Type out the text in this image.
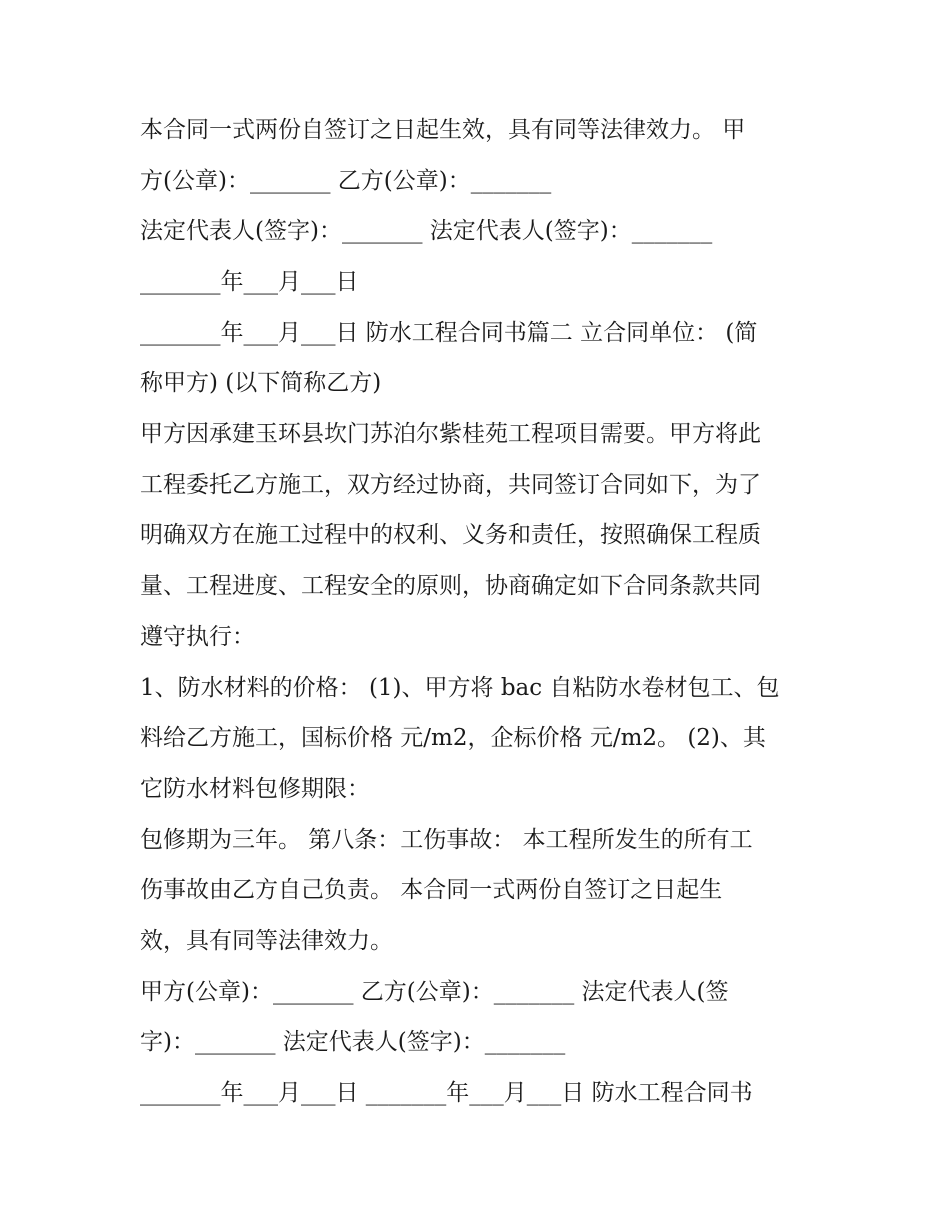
本合同一式两份自签订之日起生效，具有同等法律效力。 甲
方(公章)：_______ 乙方(公章)：_______
法定代表人(签字)：_______ 法定代表人(签字)：_______
_______年___月___日
_______年___月___日 防水工程合同书篇二 立合同单位： (简
称甲方) (以下简称乙方)
甲方因承建玉环县坎门苏泊尔紫桂苑工程项目需要。甲方将此
工程委托乙方施工，双方经过协商，共同签订合同如下，为了
明确双方在施工过程中的权利、义务和责任，按照确保工程质
量、工程进度、工程安全的原则，协商确定如下合同条款共同
遵守执行：
1、防水材料的价格： (1)、甲方将 bac 自粘防水卷材包工、包
料给乙方施工，国标价格 元/m2，企标价格 元/m2。 (2)、其
它防水材料包修期限：
包修期为三年。 第八条：工伤事故： 本工程所发生的所有工
伤事故由乙方自己负责。 本合同一式两份自签订之日起生
效，具有同等法律效力。
甲方(公章)：_______ 乙方(公章)：_______ 法定代表人(签
字)：_______ 法定代表人(签字)：_______
_______年___月___日 _______年___月___日 防水工程合同书
